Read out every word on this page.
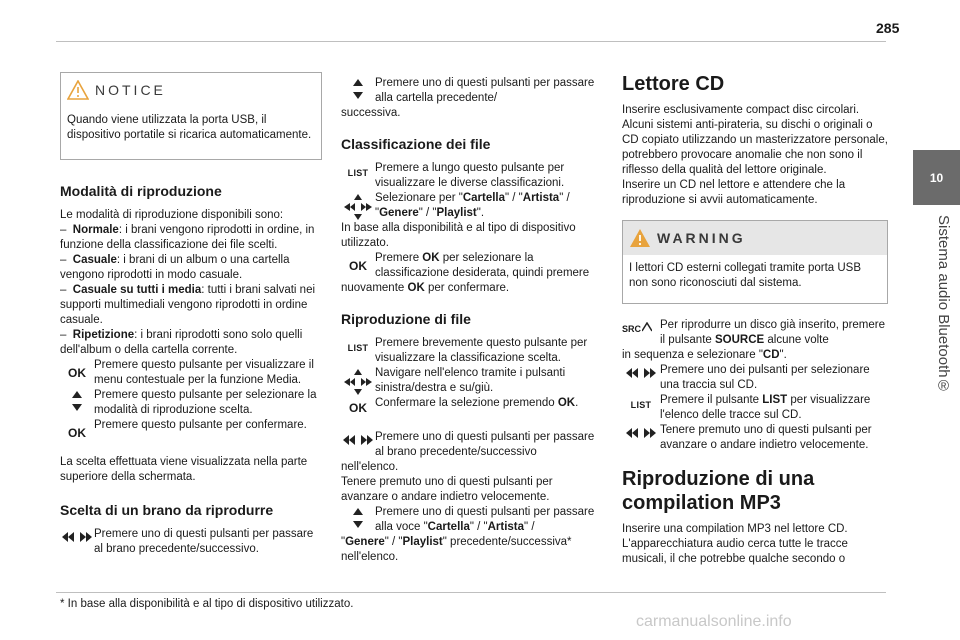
285
10
Sistema audio Bluetooth®
NOTICE
Quando viene utilizzata la porta USB, il dispositivo portatile si ricarica automaticamente.
Modalità di riproduzione

Le modalità di riproduzione disponibili sono:

– Normale: i brani vengono riprodotti in ordine, in funzione della classificazione dei file scelti.

– Casuale: i brani di un album o una cartella vengono riprodotti in modo casuale.

– Casuale su tutti i media: tutti i brani salvati nei supporti multimediali vengono riprodotti in ordine casuale.

– Ripetizione: i brani riprodotti sono solo quelli dell'album o della cartella corrente.

OK
Premere questo pulsante per visualizzare il menu contestuale per la funzione Media.
Premere questo pulsante per selezionare la modalità di riproduzione scelta.
OK
Premere questo pulsante per confermare.

La scelta effettuata viene visualizzata nella parte superiore della schermata.

Scelta di un brano da riprodurre
Premere uno di questi pulsanti per passare al brano precedente/successivo.
Premere uno di questi pulsanti per passare alla cartella precedente/

successiva.

Classificazione dei file
LIST Premere a lungo questo pulsante per visualizzare le diverse classificazioni.
Selezionare per "Cartella" / "Artista" / "Genere" / "Playlist".

In base alla disponibilità e al tipo di dispositivo utilizzato.

OK
Premere OK per selezionare la classificazione desiderata, quindi premere

nuovamente OK per confermare.

Riproduzione di file
LIST Premere brevemente questo pulsante per visualizzare la classificazione scelta.
Navigare nell'elenco tramite i pulsanti sinistra/destra e su/giù.
OK Confermare la selezione premendo OK.
Premere uno di questi pulsanti per passare al brano precedente/successivo

nell'elenco.

Tenere premuto uno di questi pulsanti per avanzare o andare indietro velocemente.

Premere uno di questi pulsanti per passare alla voce "Cartella" / "Artista" /

"Genere" / "Playlist" precedente/successiva*

nell'elenco.

Lettore CD

Inserire esclusivamente compact disc circolari. Alcuni sistemi anti-pirateria, su dischi o originali o CD copiato utilizzando un masterizzatore personale, potrebbero provocare anomalie che non sono il riflesso della qualità del lettore originale.

Inserire un CD nel lettore e attendere che la riproduzione si avvii automaticamente.

WARNING
I lettori CD esterni collegati tramite porta USB non sono riconosciuti dal sistema.
SRC Per riprodurre un disco già inserito, premere il pulsante SOURCE alcune volte

in sequenza e selezionare "CD".

Premere uno dei pulsanti per selezionare una traccia sul CD.
LIST Premere il pulsante LIST per visualizzare l'elenco delle tracce sul CD.
Tenere premuto uno di questi pulsanti per avanzare o andare indietro velocemente.
Riproduzione di una compilation MP3

Inserire una compilation MP3 nel lettore CD. L'apparecchiatura audio cerca tutte le tracce musicali, il che potrebbe qualche secondo o

* In base alla disponibilità e al tipo di dispositivo utilizzato.
carmanualsonline.info
